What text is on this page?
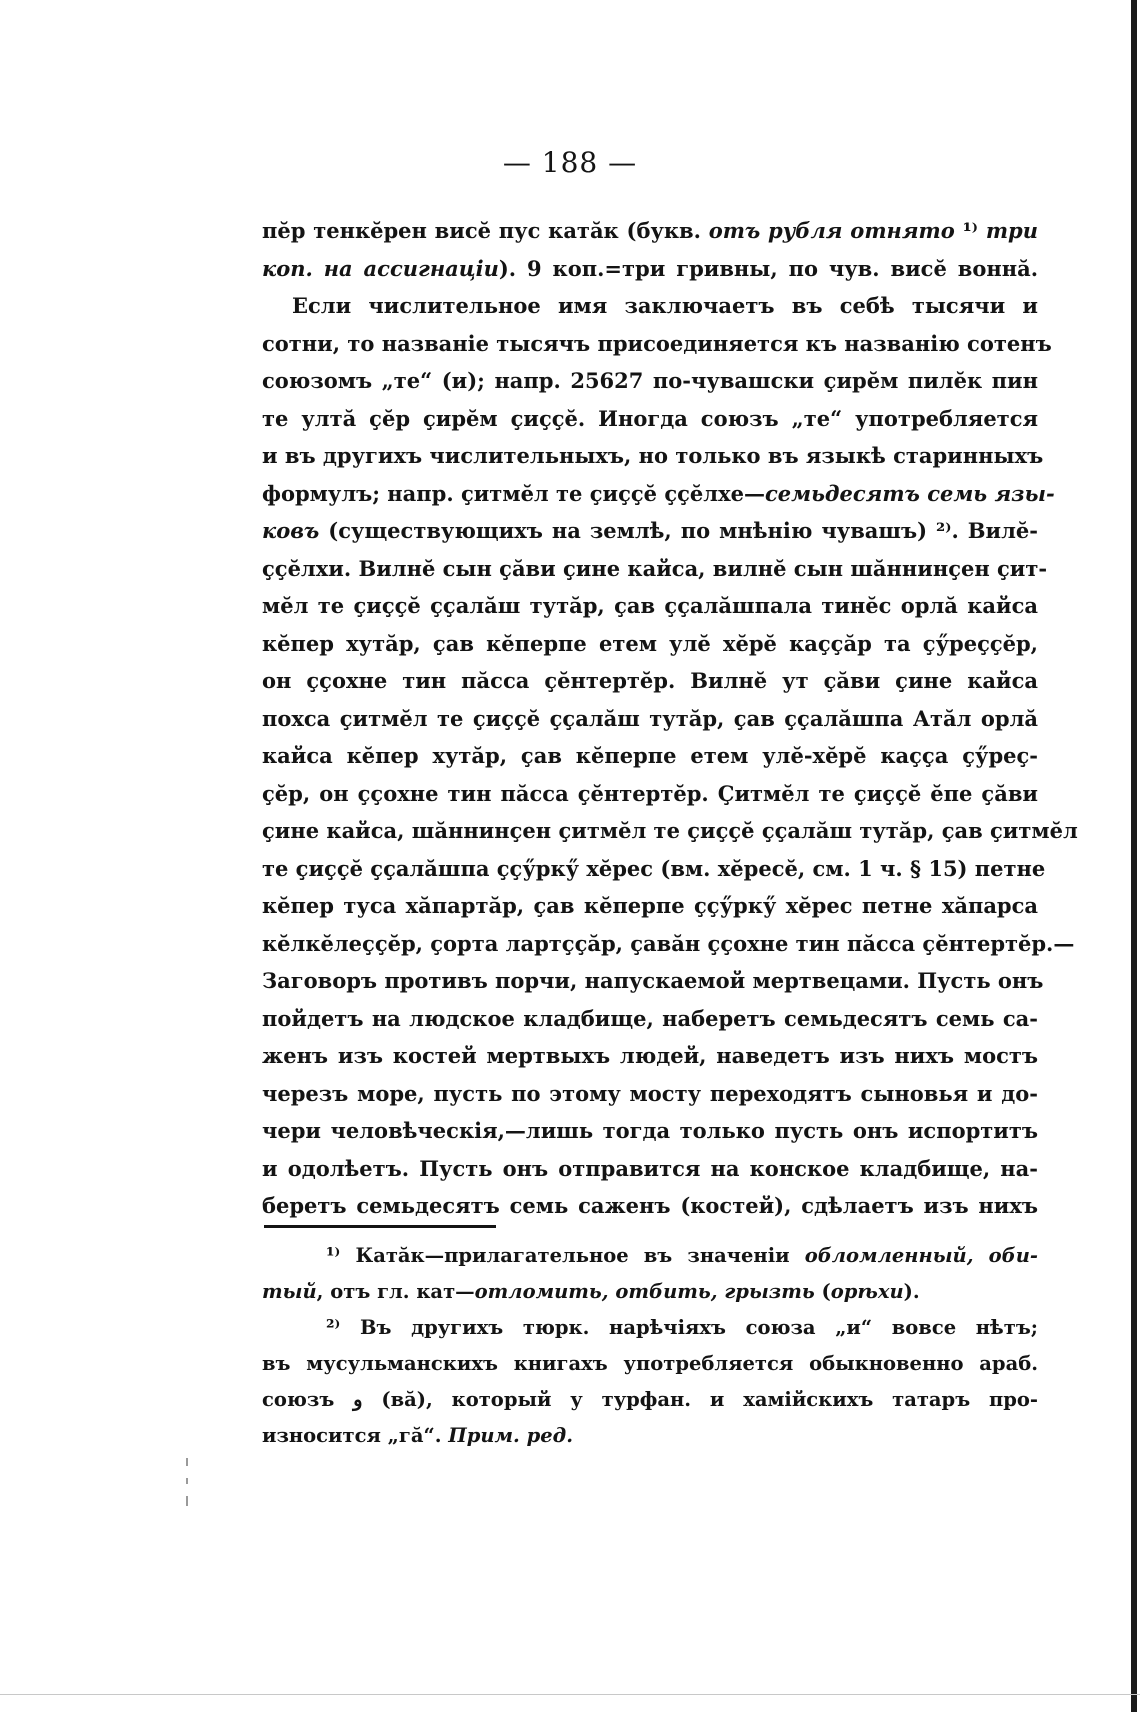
— 188 —
пĕр тенкĕрен висĕ пус катăк (букв. отъ рубля отнято ¹⁾ три
коп. на ассигнаціи). 9 коп.=три гривны, по чув. висĕ воннӑ.
Если числительное имя заключаетъ въ себѣ тысячи и
сотни, то названіе тысячъ присоединяется къ названію сотенъ
союзомъ „те“ (и); напр. 25627 по-чувашски çирĕм пилĕк пин
те ултă çĕр çирĕм çиççĕ. Иногда союзъ „те“ употребляется
и въ другихъ числительныхъ, но только въ языкѣ старинныхъ
формулъ; напр. çитмĕл те çиççĕ ççĕлхе—семьдесятъ семь язы-
ковъ (существующихъ на землѣ, по мнѣнію чувашъ) ²⁾. Вилĕ-
ççĕлхи. Вилнĕ сын çăви çине кайса, вилнĕ сын шăннинçен çит-
мĕл те çиççĕ ççалăш тутăр, çав ççалăшпала тинĕс орлӑ кайса
кĕпер хутăр, çав кĕперпе етем улĕ хĕрĕ каççăр та çӳреççĕр,
он ççохне тин пăсса çĕнтертĕр. Вилнĕ ут çăви çине кайса
похса çитмĕл те çиççĕ ççалăш тутăр, çав ççалăшпа Атăл орлӑ
кайса кĕпер хутăр, çав кĕперпе етем улĕ-хĕрĕ каçça çӳреç-
çĕр, он ççохне тин пăсса çĕнтертĕр. Çитмĕл те çиççĕ ĕпе çăви
çине кайса, шăннинçен çитмĕл те çиççĕ ççалăш тутăр, çав çитмĕл
те çиççĕ ççалăшпа ççӳркӳ хĕрес (вм. хĕресĕ, см. 1 ч. § 15) петне
кĕпер туса хăпартăр, çав кĕперпе ççӳркӳ хĕрес петне хăпарса
кĕлкĕлеççĕр, çорта лартççăр, çавăн ççохне тин пăсса çĕнтертĕр.—
Заговоръ противъ порчи, напускаемой мертвецами. Пусть онъ
пойдетъ на людское кладбище, наберетъ семьдесятъ семь са-
женъ изъ костей мертвыхъ людей, наведетъ изъ нихъ мостъ
черезъ море, пусть по этому мосту переходятъ сыновья и до-
чери человѣческія,—лишь тогда только пусть онъ испортитъ
и одолѣетъ. Пусть онъ отправится на конское кладбище, на-
беретъ семьдесятъ семь саженъ (костей), сдѣлаетъ изъ нихъ
¹⁾ Катăк—прилагательное въ значеніи обломленный, оби-
тый, отъ гл. кат—отломить, отбить, грызть (орѣхи).
²⁾ Въ другихъ тюрк. нарѣчіяхъ союза „и“ вовсе нѣтъ;
въ мусульманскихъ книгахъ употребляется обыкновенно араб.
союзъ و (вă), который у турфан. и хамійскихъ татаръ про-
износится „гă“. Прим. ред.
